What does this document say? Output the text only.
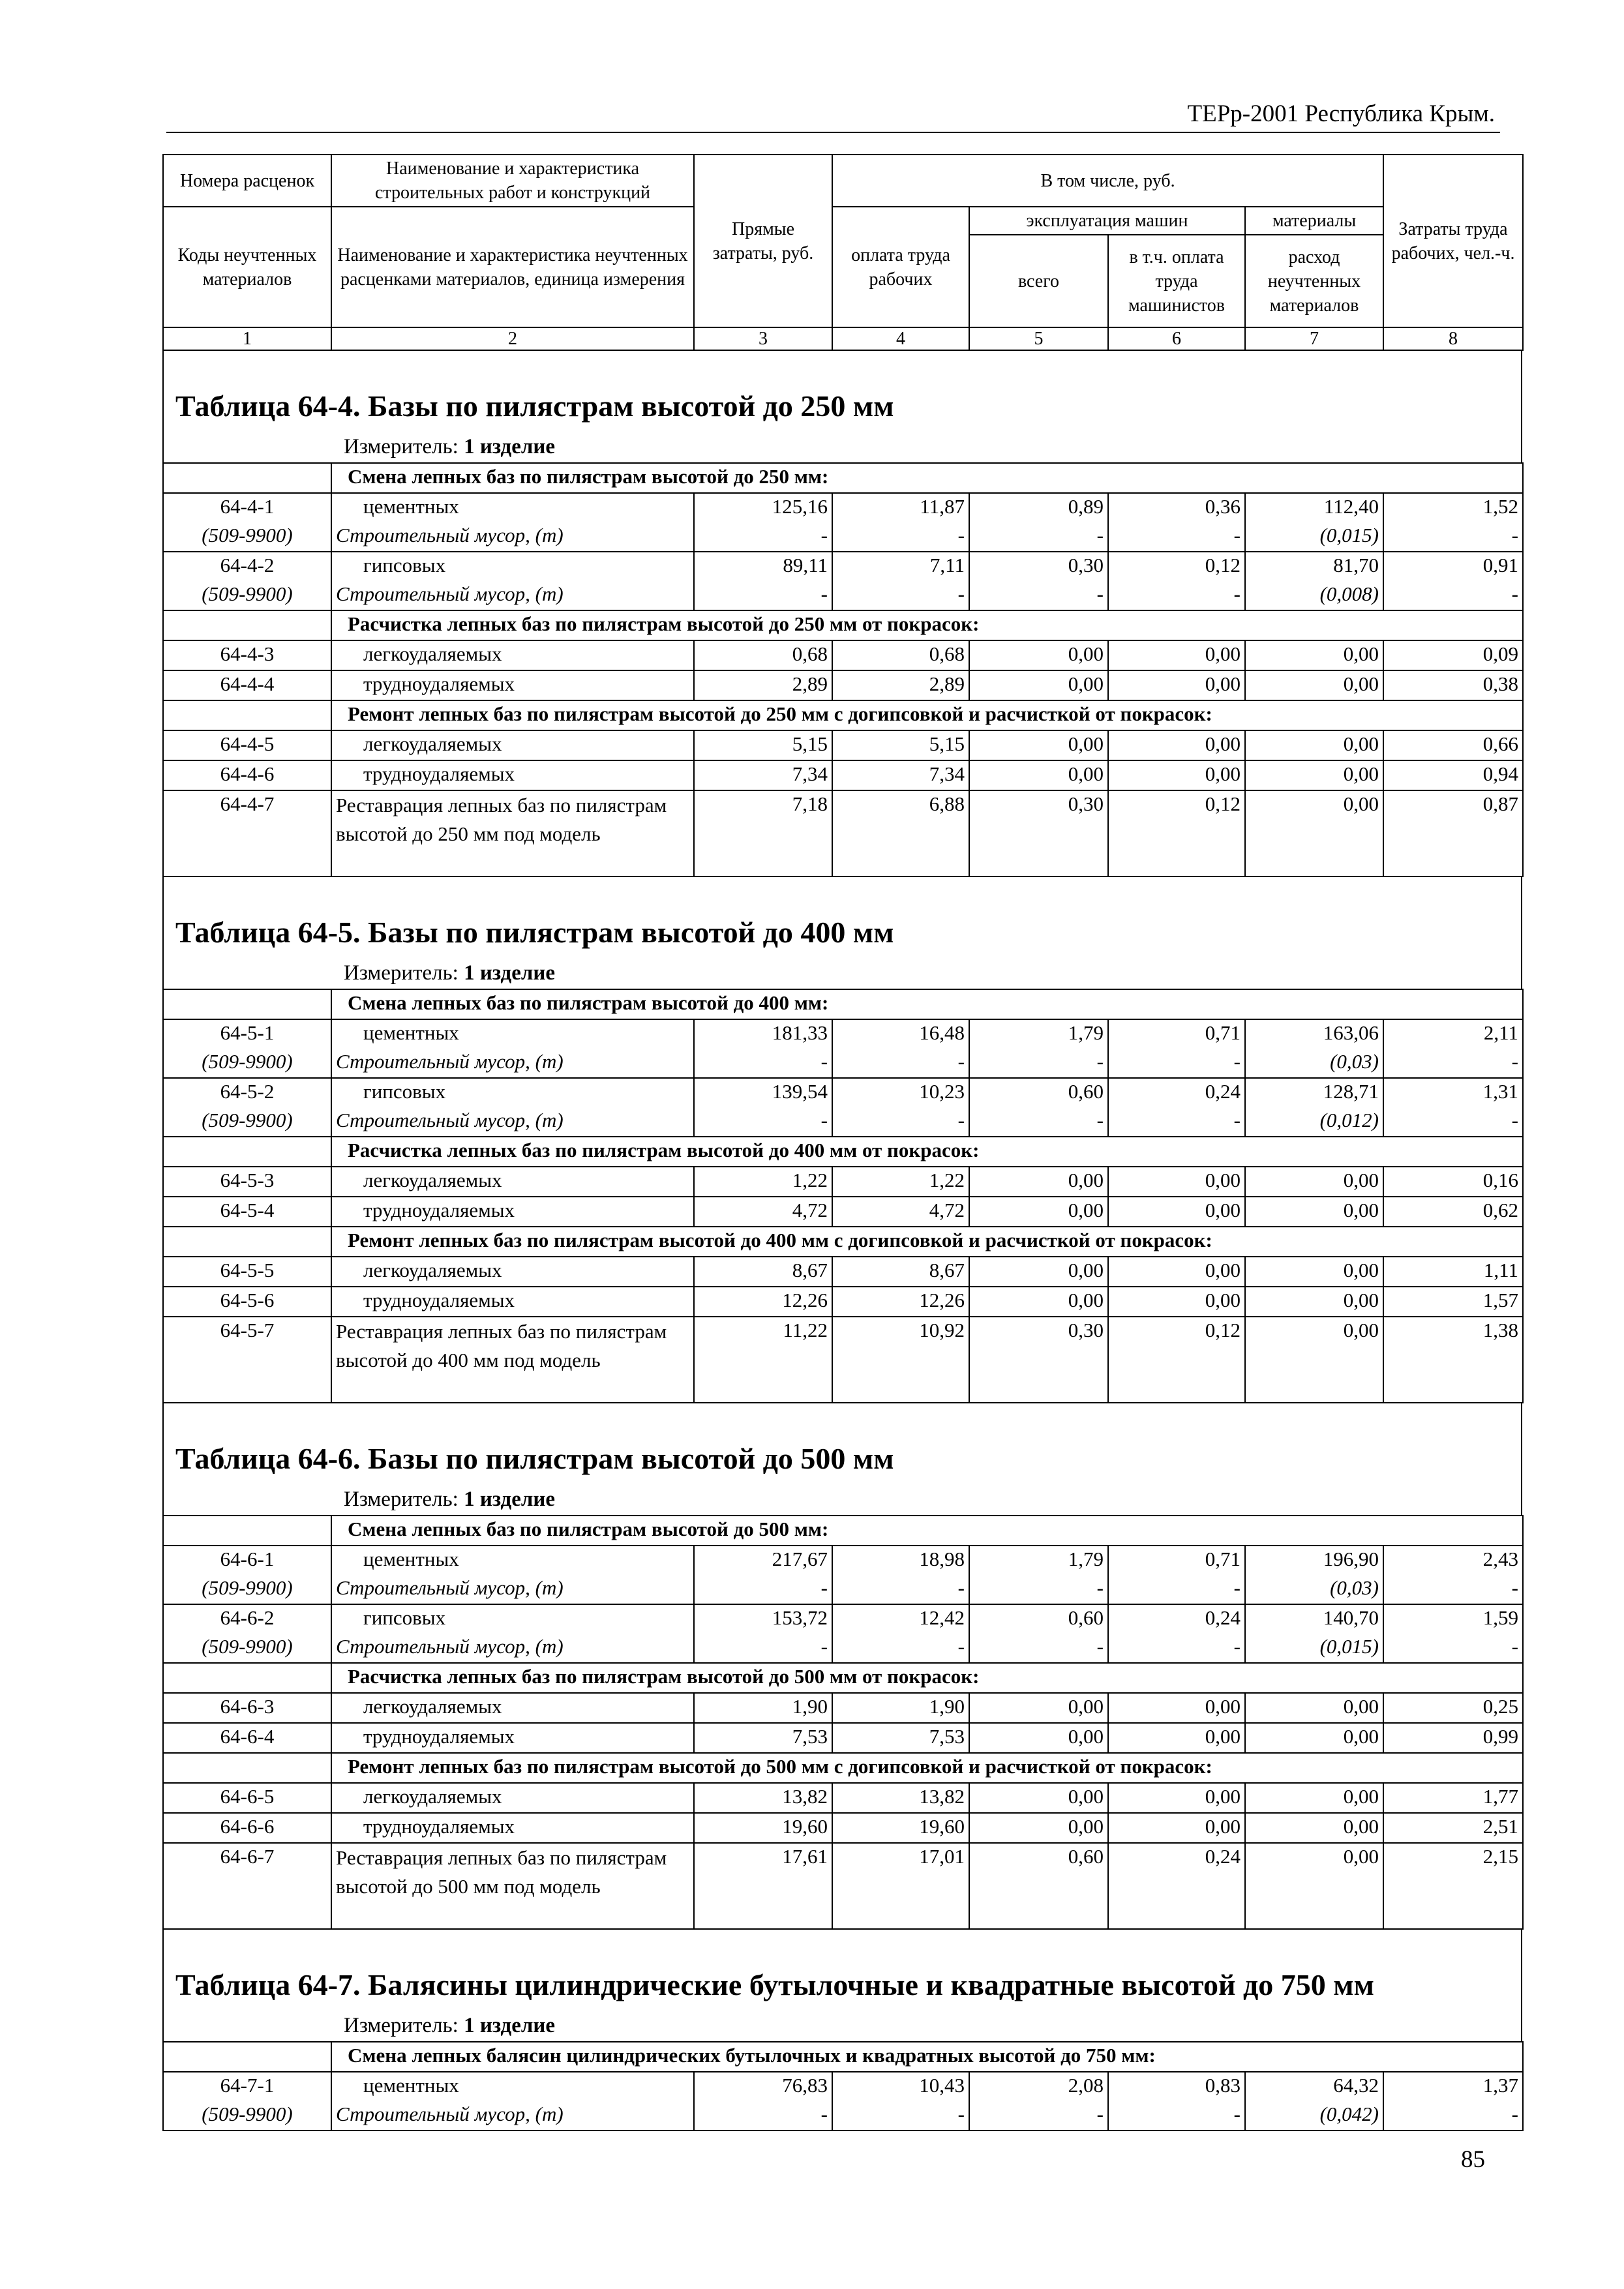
ТЕРр-2001 Республика Крым.
Номера расценок	Наименование и характеристика строительных работ и конструкций	Прямые затраты, руб.	В том числе, руб.				Затраты труда рабочих, чел.-ч.
Коды неучтенных материалов	Наименование и характеристика неучтенных расценками материалов, единица измерения		оплата труда рабочих	эксплуатация машин		материалы	
				всего	в т.ч. оплата труда машинистов	расход неучтенных материалов	
1	2	3	4	5	6	7	8
Таблица 64-4. Базы по пилястрам высотой до 250 мм
Измеритель: 1 изделие
	Смена лепных баз по пилястрам высотой до 250 мм:						
64-4-1	цементных	125,16	11,87	0,89	0,36	112,40	1,52
(509-9900)	Строительный мусор, (т)	-	-	-	-	(0,015)	-
64-4-2	гипсовых	89,11	7,11	0,30	0,12	81,70	0,91
(509-9900)	Строительный мусор, (т)	-	-	-	-	(0,008)	-
	Расчистка лепных баз по пилястрам высотой до 250 мм от покрасок:						
64-4-3	легкоудаляемых	0,68	0,68	0,00	0,00	0,00	0,09
64-4-4	трудноудаляемых	2,89	2,89	0,00	0,00	0,00	0,38
	Ремонт лепных баз по пилястрам высотой до 250 мм с догипсовкой и расчисткой от покрасок:						
64-4-5	легкоудаляемых	5,15	5,15	0,00	0,00	0,00	0,66
64-4-6	трудноудаляемых	7,34	7,34	0,00	0,00	0,00	0,94
64-4-7	Реставрация лепных баз по пилястрам высотой до 250 мм под модель	7,18	6,88	0,30	0,12	0,00	0,87
Таблица 64-5. Базы по пилястрам высотой до 400 мм
Измеритель: 1 изделие
	Смена лепных баз по пилястрам высотой до 400 мм:						
64-5-1	цементных	181,33	16,48	1,79	0,71	163,06	2,11
(509-9900)	Строительный мусор, (т)	-	-	-	-	(0,03)	-
64-5-2	гипсовых	139,54	10,23	0,60	0,24	128,71	1,31
(509-9900)	Строительный мусор, (т)	-	-	-	-	(0,012)	-
	Расчистка лепных баз по пилястрам высотой до 400 мм от покрасок:						
64-5-3	легкоудаляемых	1,22	1,22	0,00	0,00	0,00	0,16
64-5-4	трудноудаляемых	4,72	4,72	0,00	0,00	0,00	0,62
	Ремонт лепных баз по пилястрам высотой до 400 мм с догипсовкой и расчисткой от покрасок:						
64-5-5	легкоудаляемых	8,67	8,67	0,00	0,00	0,00	1,11
64-5-6	трудноудаляемых	12,26	12,26	0,00	0,00	0,00	1,57
64-5-7	Реставрация лепных баз по пилястрам высотой до 400 мм под модель	11,22	10,92	0,30	0,12	0,00	1,38
Таблица 64-6. Базы по пилястрам высотой до 500 мм
Измеритель: 1 изделие
	Смена лепных баз по пилястрам высотой до 500 мм:						
64-6-1	цементных	217,67	18,98	1,79	0,71	196,90	2,43
(509-9900)	Строительный мусор, (т)	-	-	-	-	(0,03)	-
64-6-2	гипсовых	153,72	12,42	0,60	0,24	140,70	1,59
(509-9900)	Строительный мусор, (т)	-	-	-	-	(0,015)	-
	Расчистка лепных баз по пилястрам высотой до 500 мм от покрасок:						
64-6-3	легкоудаляемых	1,90	1,90	0,00	0,00	0,00	0,25
64-6-4	трудноудаляемых	7,53	7,53	0,00	0,00	0,00	0,99
	Ремонт лепных баз по пилястрам высотой до 500 мм с догипсовкой и расчисткой от покрасок:						
64-6-5	легкоудаляемых	13,82	13,82	0,00	0,00	0,00	1,77
64-6-6	трудноудаляемых	19,60	19,60	0,00	0,00	0,00	2,51
64-6-7	Реставрация лепных баз по пилястрам высотой до 500 мм под модель	17,61	17,01	0,60	0,24	0,00	2,15
Таблица 64-7. Балясины цилиндрические бутылочные и квадратные высотой до 750 мм
Измеритель: 1 изделие
	Смена лепных балясин цилиндрических бутылочных и квадратных высотой до 750 мм:						
64-7-1	цементных	76,83	10,43	2,08	0,83	64,32	1,37
(509-9900)	Строительный мусор, (т)	-	-	-	-	(0,042)	-
85
